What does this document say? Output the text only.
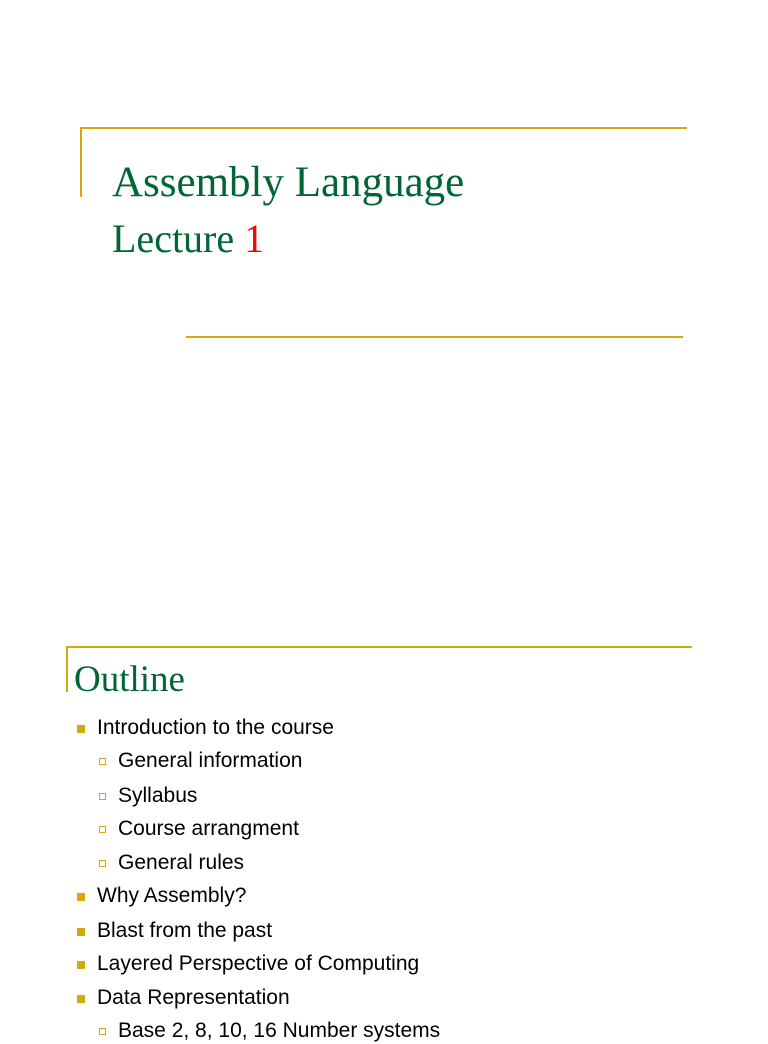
Assembly Language
Lecture 1
Outline
Introduction to the course
General information
Syllabus
Course arrangment
General rules
Why Assembly?
Blast from the past
Layered Perspective of Computing
Data Representation
Base 2, 8, 10, 16 Number systems
